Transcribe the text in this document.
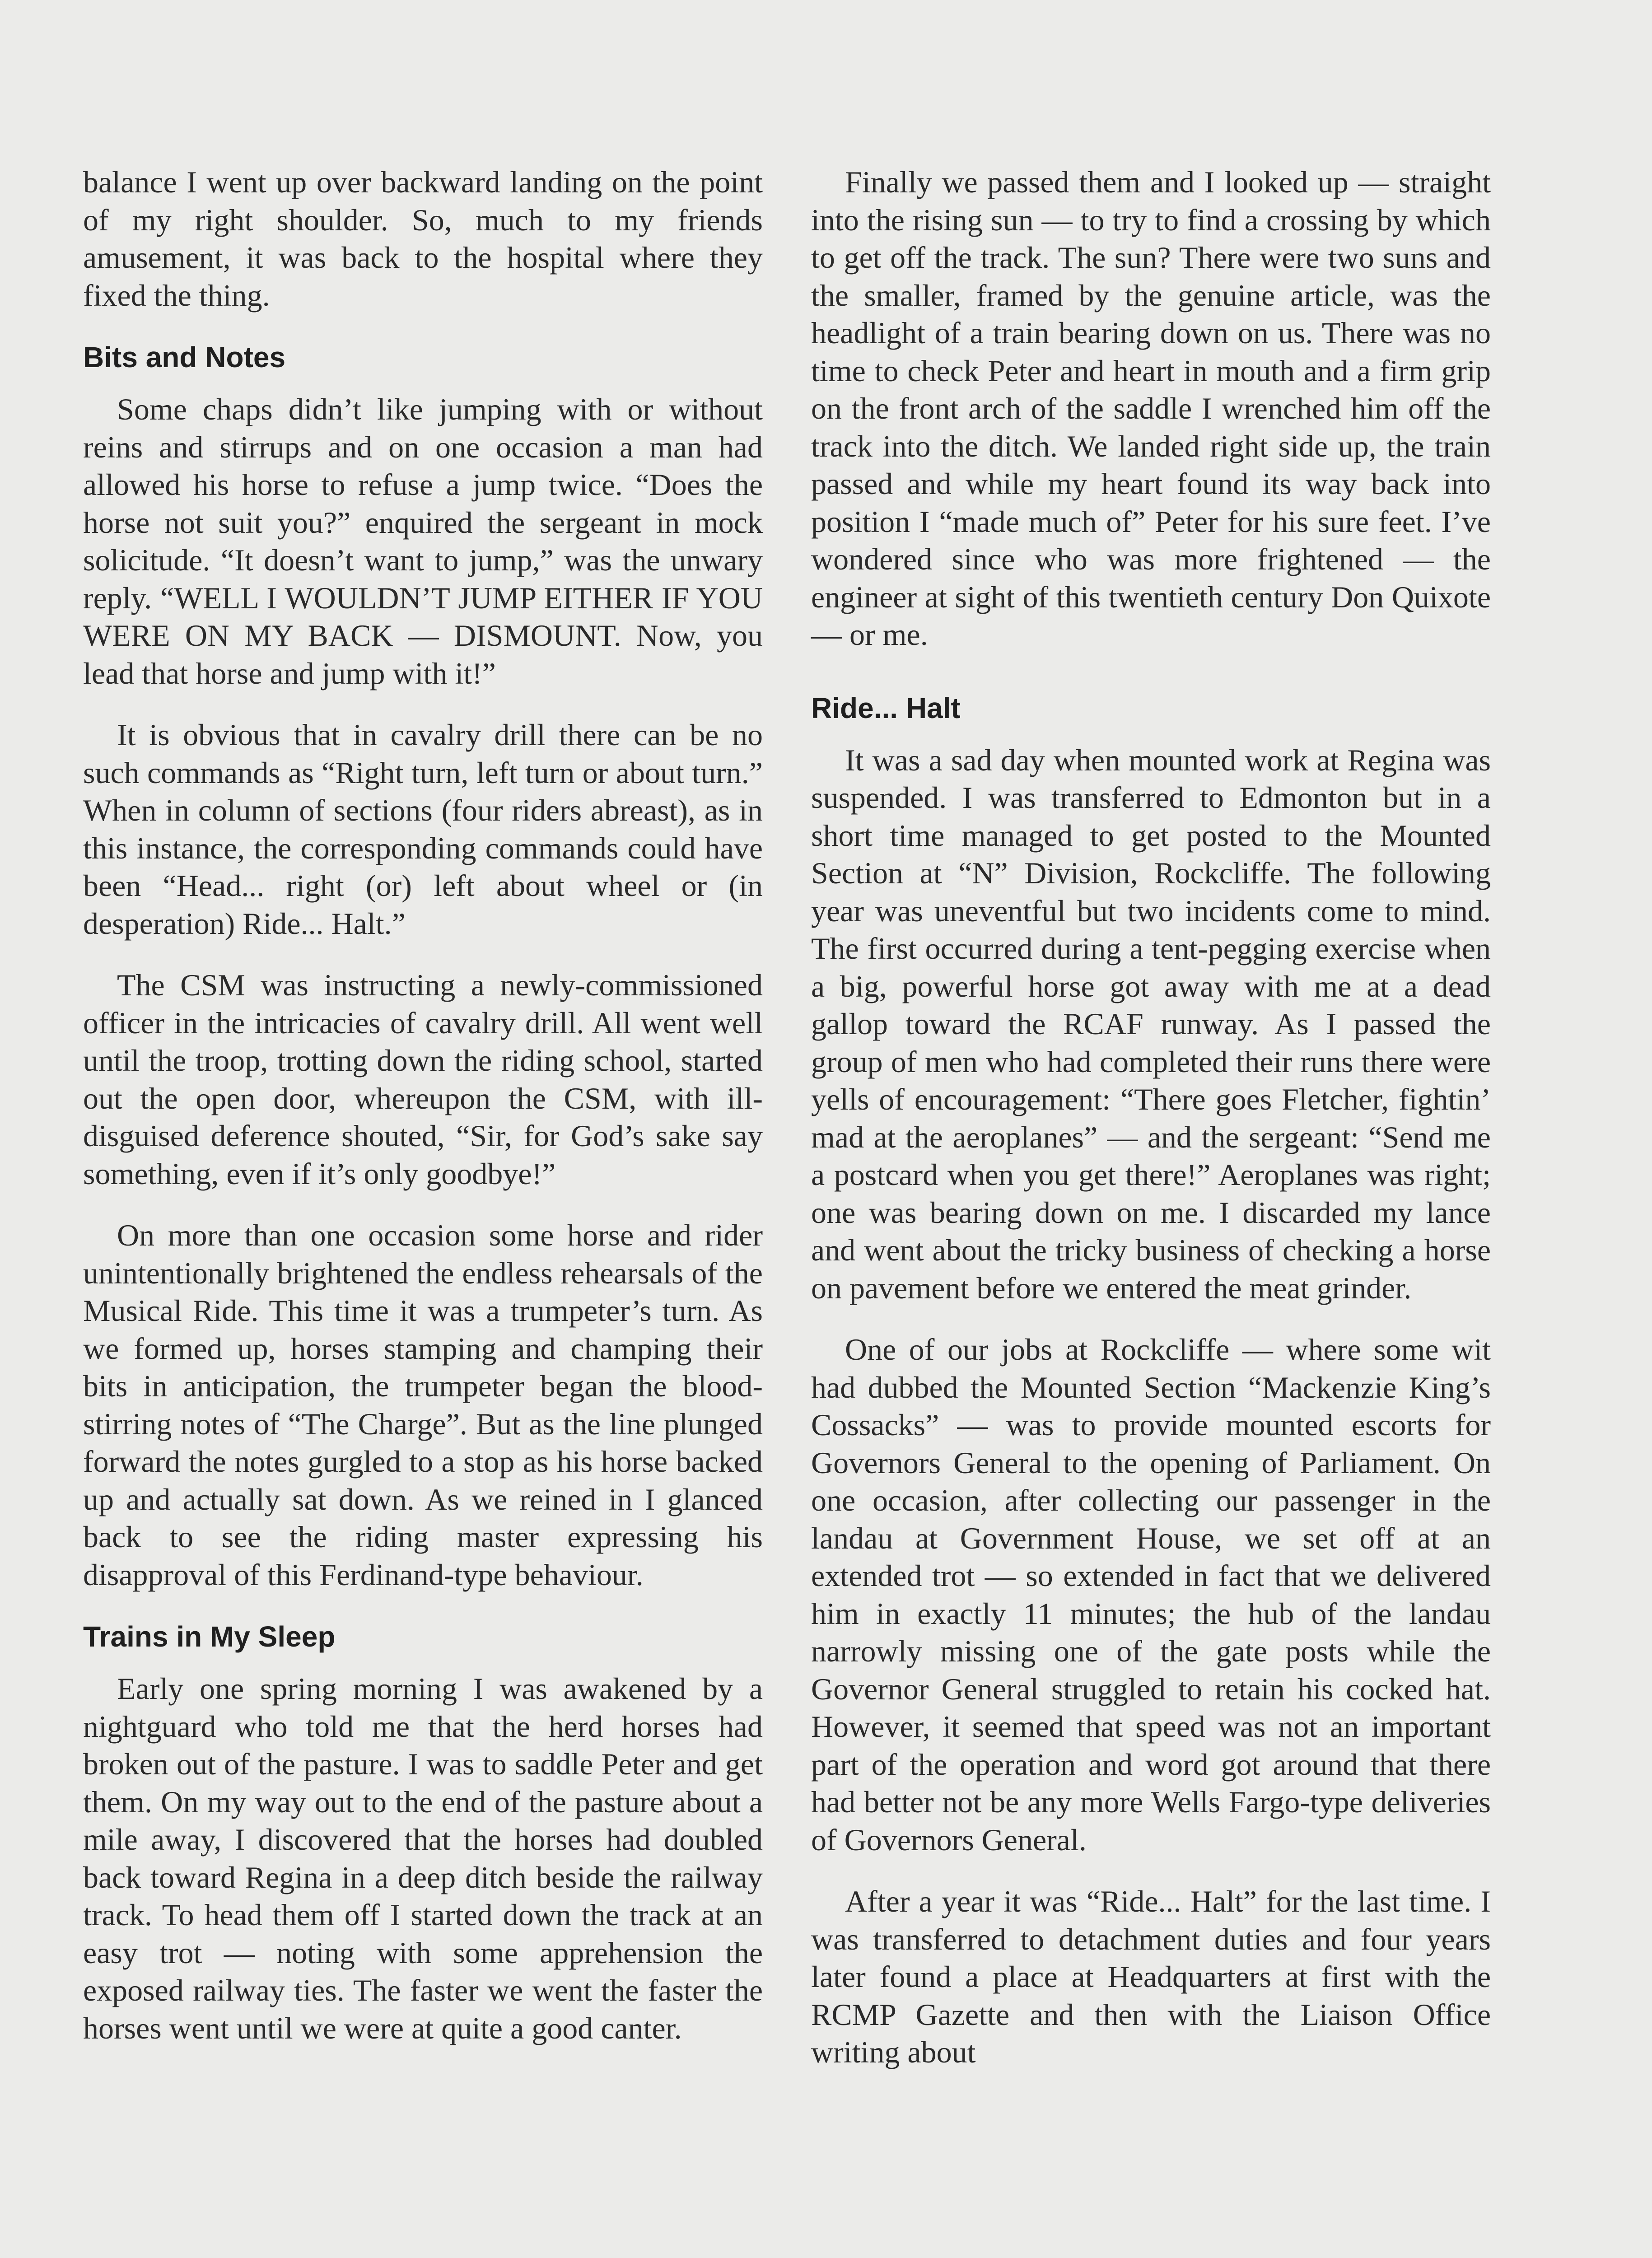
balance I went up over backward landing on the point of my right shoulder. So, much to my friends amusement, it was back to the hospital where they fixed the thing.

Bits and Notes

Some chaps didn’t like jumping with or without reins and stirrups and on one occasion a man had allowed his horse to refuse a jump twice. “Does the horse not suit you?” enquired the sergeant in mock solicitude. “It doesn’t want to jump,” was the unwary reply. “WELL I WOULDN’T JUMP EITHER IF YOU WERE ON MY BACK — DISMOUNT. Now, you lead that horse and jump with it!”

It is obvious that in cavalry drill there can be no such commands as “Right turn, left turn or about turn.” When in column of sections (four riders abreast), as in this instance, the corresponding commands could have been “Head... right (or) left about wheel or (in desperation) Ride... Halt.”

The CSM was instructing a newly-commissioned officer in the intricacies of cavalry drill. All went well until the troop, trotting down the riding school, started out the open door, whereupon the CSM, with ill-disguised deference shouted, “Sir, for God’s sake say something, even if it’s only goodbye!”

On more than one occasion some horse and rider unintentionally brightened the endless rehearsals of the Musical Ride. This time it was a trumpeter’s turn. As we formed up, horses stamping and champing their bits in anticipation, the trumpeter began the blood-stirring notes of “The Charge”. But as the line plunged forward the notes gurgled to a stop as his horse backed up and actually sat down. As we reined in I glanced back to see the riding master expressing his disapproval of this Ferdinand-type behaviour.

Trains in My Sleep

Early one spring morning I was awakened by a nightguard who told me that the herd horses had broken out of the pasture. I was to saddle Peter and get them. On my way out to the end of the pasture about a mile away, I discovered that the horses had doubled back toward Regina in a deep ditch beside the railway track. To head them off I started down the track at an easy trot — noting with some apprehension the exposed railway ties. The faster we went the faster the horses went until we were at quite a good canter.

Finally we passed them and I looked up — straight into the rising sun — to try to find a crossing by which to get off the track. The sun? There were two suns and the smaller, framed by the genuine article, was the headlight of a train bearing down on us. There was no time to check Peter and heart in mouth and a firm grip on the front arch of the saddle I wrenched him off the track into the ditch. We landed right side up, the train passed and while my heart found its way back into position I “made much of” Peter for his sure feet. I’ve wondered since who was more frightened — the engineer at sight of this twentieth century Don Quixote — or me.

Ride... Halt

It was a sad day when mounted work at Regina was suspended. I was transferred to Edmonton but in a short time managed to get posted to the Mounted Section at “N” Division, Rockcliffe. The following year was uneventful but two incidents come to mind. The first occurred during a tent-pegging exercise when a big, powerful horse got away with me at a dead gallop toward the RCAF runway. As I passed the group of men who had completed their runs there were yells of encouragement: “There goes Fletcher, fightin’ mad at the aeroplanes” — and the sergeant: “Send me a postcard when you get there!” Aeroplanes was right; one was bearing down on me. I discarded my lance and went about the tricky business of checking a horse on pavement before we entered the meat grinder.

One of our jobs at Rockcliffe — where some wit had dubbed the Mounted Section “Mackenzie King’s Cossacks” — was to provide mounted escorts for Governors General to the opening of Parliament. On one occasion, after collecting our passenger in the landau at Government House, we set off at an extended trot — so extended in fact that we delivered him in exactly 11 minutes; the hub of the landau narrowly missing one of the gate posts while the Governor General struggled to retain his cocked hat. However, it seemed that speed was not an important part of the operation and word got around that there had better not be any more Wells Fargo-type deliveries of Governors General.

After a year it was “Ride... Halt” for the last time. I was transferred to detachment duties and four years later found a place at Headquarters at first with the RCMP Gazette and then with the Liaison Office writing about
